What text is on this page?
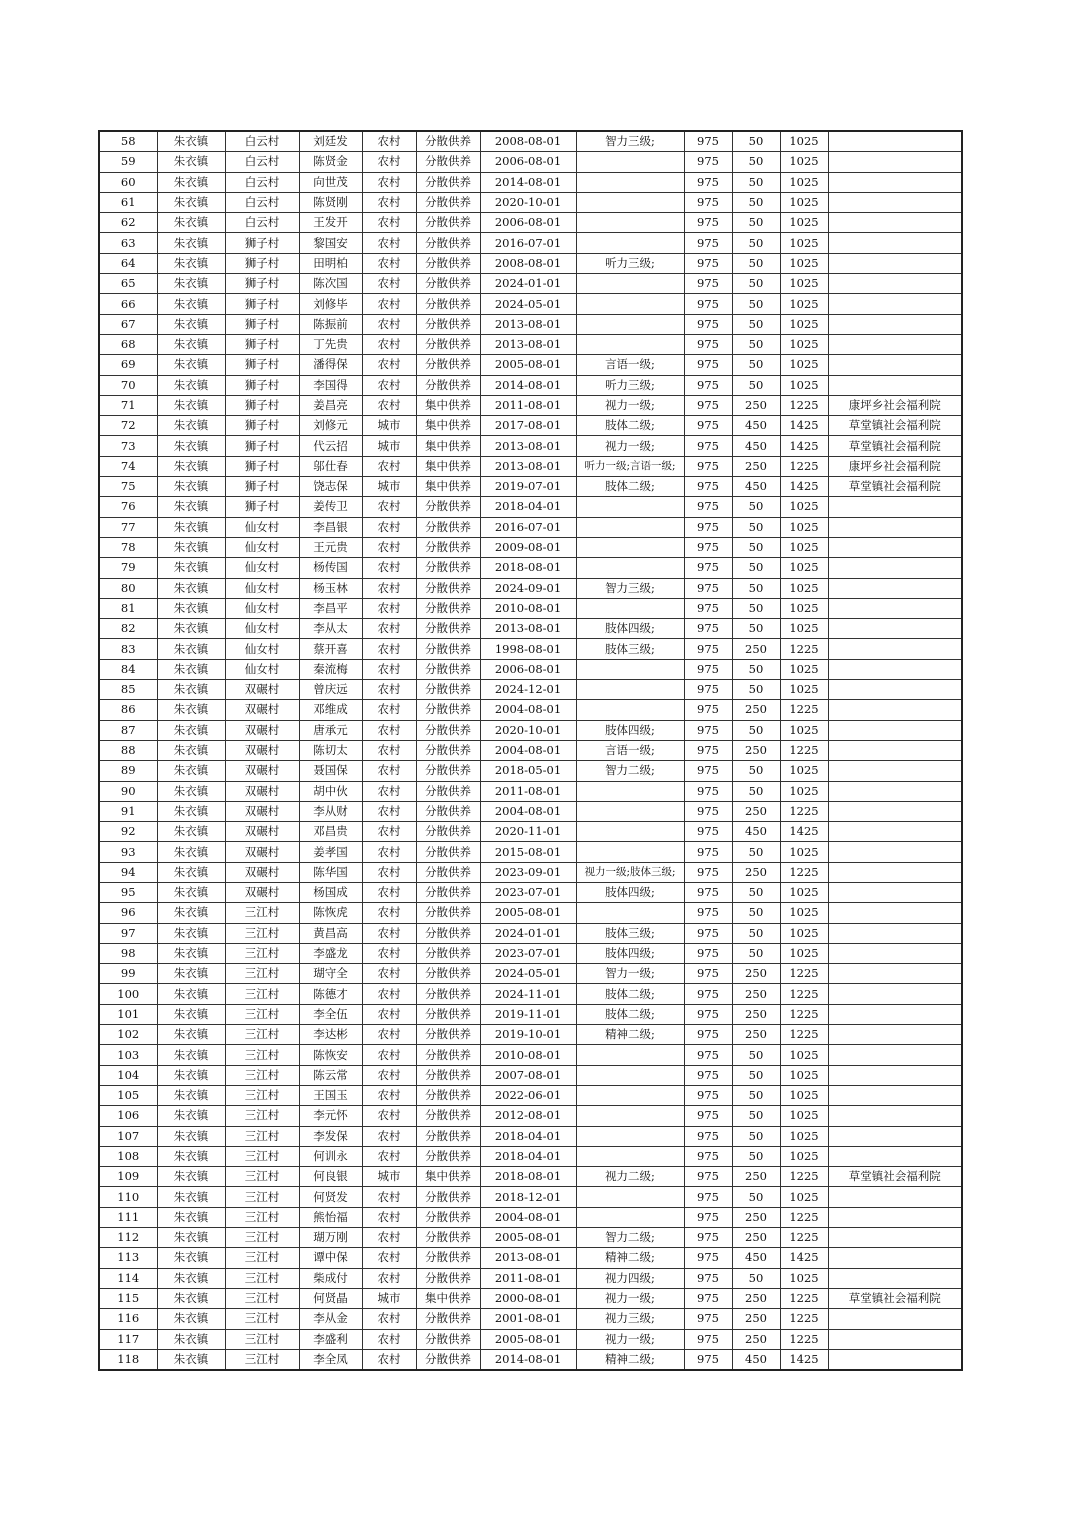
58	朱衣镇	白云村	刘廷发	农村	分散供养	2008-08-01	智力三级;	975	50	1025	
59	朱衣镇	白云村	陈贤金	农村	分散供养	2006-08-01		975	50	1025	
60	朱衣镇	白云村	向世茂	农村	分散供养	2014-08-01		975	50	1025	
61	朱衣镇	白云村	陈贤刚	农村	分散供养	2020-10-01		975	50	1025	
62	朱衣镇	白云村	王发开	农村	分散供养	2006-08-01		975	50	1025	
63	朱衣镇	狮子村	黎国安	农村	分散供养	2016-07-01		975	50	1025	
64	朱衣镇	狮子村	田明柏	农村	分散供养	2008-08-01	听力三级;	975	50	1025	
65	朱衣镇	狮子村	陈次国	农村	分散供养	2024-01-01		975	50	1025	
66	朱衣镇	狮子村	刘修毕	农村	分散供养	2024-05-01		975	50	1025	
67	朱衣镇	狮子村	陈振前	农村	分散供养	2013-08-01		975	50	1025	
68	朱衣镇	狮子村	丁先贵	农村	分散供养	2013-08-01		975	50	1025	
69	朱衣镇	狮子村	潘得保	农村	分散供养	2005-08-01	言语一级;	975	50	1025	
70	朱衣镇	狮子村	李国得	农村	分散供养	2014-08-01	听力三级;	975	50	1025	
71	朱衣镇	狮子村	姜昌亮	农村	集中供养	2011-08-01	视力一级;	975	250	1225	康坪乡社会福利院
72	朱衣镇	狮子村	刘修元	城市	集中供养	2017-08-01	肢体二级;	975	450	1425	草堂镇社会福利院
73	朱衣镇	狮子村	代云招	城市	集中供养	2013-08-01	视力一级;	975	450	1425	草堂镇社会福利院
74	朱衣镇	狮子村	邬仕春	农村	集中供养	2013-08-01	听力一级;言语一级;	975	250	1225	康坪乡社会福利院
75	朱衣镇	狮子村	饶志保	城市	集中供养	2019-07-01	肢体二级;	975	450	1425	草堂镇社会福利院
76	朱衣镇	狮子村	姜传卫	农村	分散供养	2018-04-01		975	50	1025	
77	朱衣镇	仙女村	李昌银	农村	分散供养	2016-07-01		975	50	1025	
78	朱衣镇	仙女村	王元贵	农村	分散供养	2009-08-01		975	50	1025	
79	朱衣镇	仙女村	杨传国	农村	分散供养	2018-08-01		975	50	1025	
80	朱衣镇	仙女村	杨玉林	农村	分散供养	2024-09-01	智力三级;	975	50	1025	
81	朱衣镇	仙女村	李昌平	农村	分散供养	2010-08-01		975	50	1025	
82	朱衣镇	仙女村	李从太	农村	分散供养	2013-08-01	肢体四级;	975	50	1025	
83	朱衣镇	仙女村	蔡开喜	农村	分散供养	1998-08-01	肢体三级;	975	250	1225	
84	朱衣镇	仙女村	秦流梅	农村	分散供养	2006-08-01		975	50	1025	
85	朱衣镇	双碾村	曾庆远	农村	分散供养	2024-12-01		975	50	1025	
86	朱衣镇	双碾村	邓维成	农村	分散供养	2004-08-01		975	250	1225	
87	朱衣镇	双碾村	唐承元	农村	分散供养	2020-10-01	肢体四级;	975	50	1025	
88	朱衣镇	双碾村	陈切太	农村	分散供养	2004-08-01	言语一级;	975	250	1225	
89	朱衣镇	双碾村	聂国保	农村	分散供养	2018-05-01	智力二级;	975	50	1025	
90	朱衣镇	双碾村	胡中伙	农村	分散供养	2011-08-01		975	50	1025	
91	朱衣镇	双碾村	李从财	农村	分散供养	2004-08-01		975	250	1225	
92	朱衣镇	双碾村	邓昌贵	农村	分散供养	2020-11-01		975	450	1425	
93	朱衣镇	双碾村	姜孝国	农村	分散供养	2015-08-01		975	50	1025	
94	朱衣镇	双碾村	陈华国	农村	分散供养	2023-09-01	视力一级;肢体三级;	975	250	1225	
95	朱衣镇	双碾村	杨国成	农村	分散供养	2023-07-01	肢体四级;	975	50	1025	
96	朱衣镇	三江村	陈恢虎	农村	分散供养	2005-08-01		975	50	1025	
97	朱衣镇	三江村	黄昌高	农村	分散供养	2024-01-01	肢体三级;	975	50	1025	
98	朱衣镇	三江村	李盛龙	农村	分散供养	2023-07-01	肢体四级;	975	50	1025	
99	朱衣镇	三江村	瑚守全	农村	分散供养	2024-05-01	智力一级;	975	250	1225	
100	朱衣镇	三江村	陈德才	农村	分散供养	2024-11-01	肢体二级;	975	250	1225	
101	朱衣镇	三江村	李全伍	农村	分散供养	2019-11-01	肢体二级;	975	250	1225	
102	朱衣镇	三江村	李达彬	农村	分散供养	2019-10-01	精神二级;	975	250	1225	
103	朱衣镇	三江村	陈恢安	农村	分散供养	2010-08-01		975	50	1025	
104	朱衣镇	三江村	陈云常	农村	分散供养	2007-08-01		975	50	1025	
105	朱衣镇	三江村	王国玉	农村	分散供养	2022-06-01		975	50	1025	
106	朱衣镇	三江村	李元怀	农村	分散供养	2012-08-01		975	50	1025	
107	朱衣镇	三江村	李发保	农村	分散供养	2018-04-01		975	50	1025	
108	朱衣镇	三江村	何训永	农村	分散供养	2018-04-01		975	50	1025	
109	朱衣镇	三江村	何良银	城市	集中供养	2018-08-01	视力二级;	975	250	1225	草堂镇社会福利院
110	朱衣镇	三江村	何贤发	农村	分散供养	2018-12-01		975	50	1025	
111	朱衣镇	三江村	熊怡福	农村	分散供养	2004-08-01		975	250	1225	
112	朱衣镇	三江村	瑚万刚	农村	分散供养	2005-08-01	智力二级;	975	250	1225	
113	朱衣镇	三江村	谭中保	农村	分散供养	2013-08-01	精神二级;	975	450	1425	
114	朱衣镇	三江村	柴成付	农村	分散供养	2011-08-01	视力四级;	975	50	1025	
115	朱衣镇	三江村	何贤晶	城市	集中供养	2000-08-01	视力一级;	975	250	1225	草堂镇社会福利院
116	朱衣镇	三江村	李从金	农村	分散供养	2001-08-01	视力三级;	975	250	1225	
117	朱衣镇	三江村	李盛利	农村	分散供养	2005-08-01	视力一级;	975	250	1225	
118	朱衣镇	三江村	李全凤	农村	分散供养	2014-08-01	精神二级;	975	450	1425	
